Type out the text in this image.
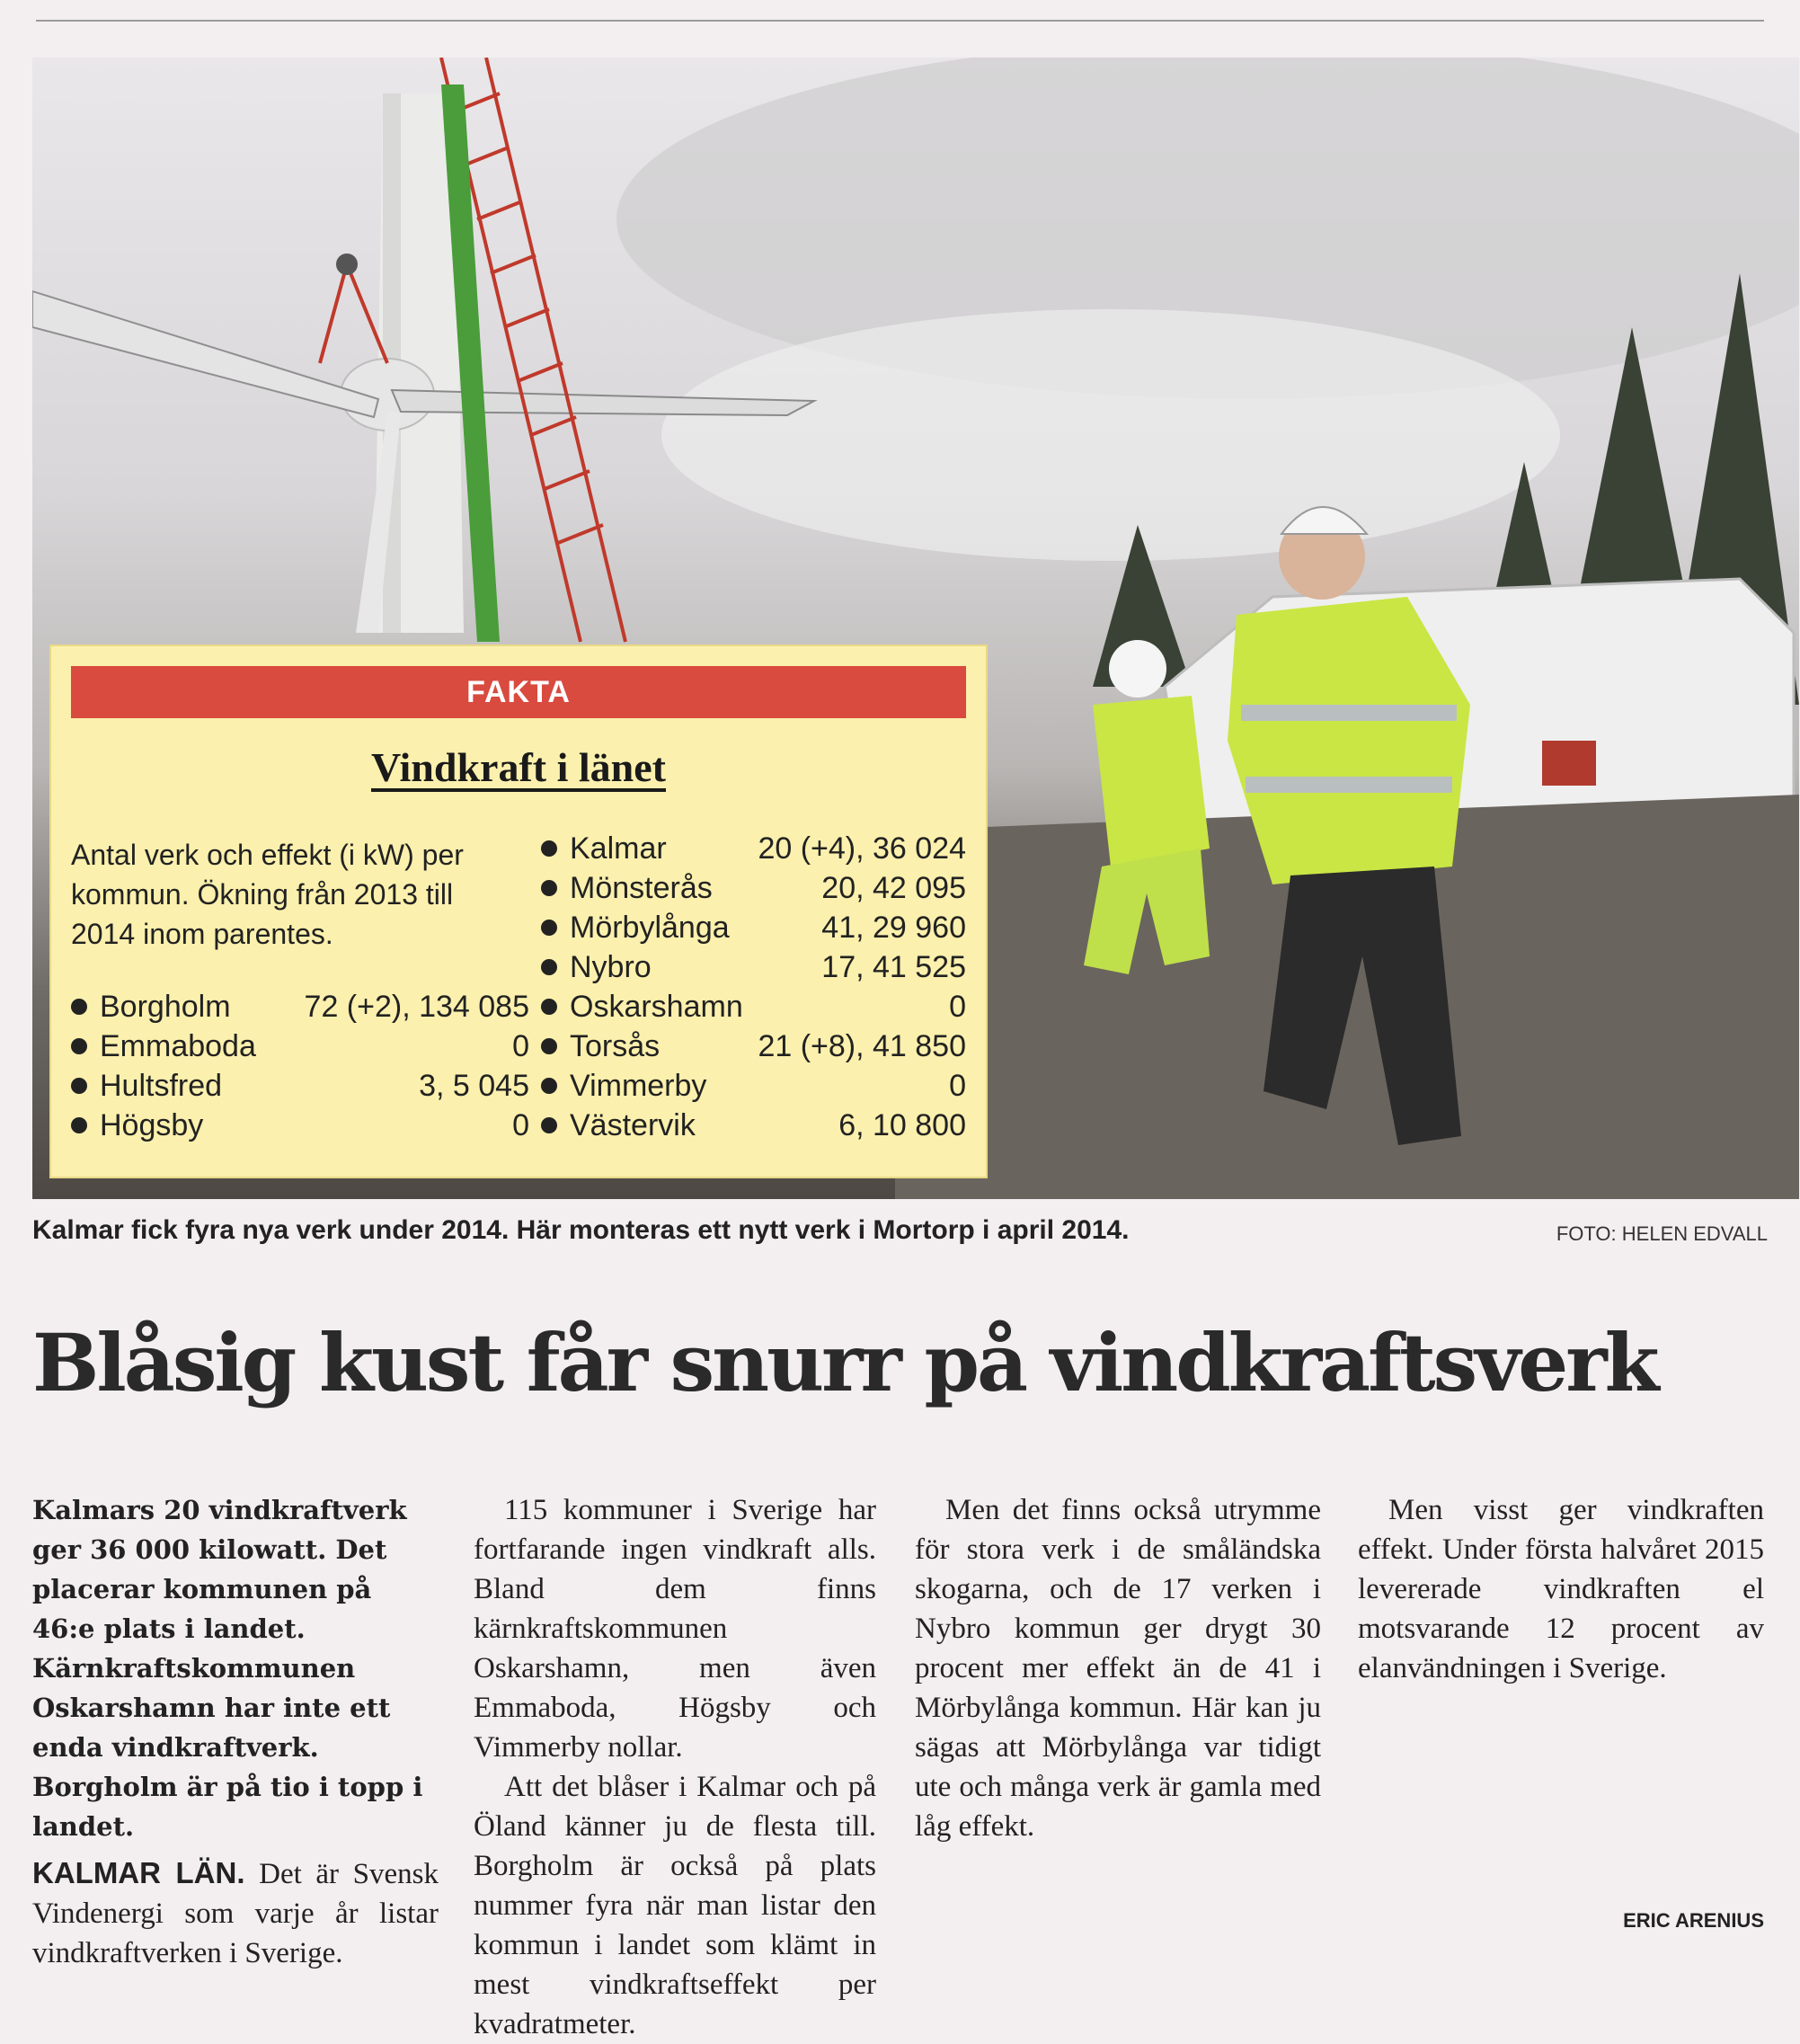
FAKTA
Vindkraft i länet
Antal verk och effekt (i kW) per kommun. Ökning från 2013 till 2014 inom parentes.
Borgholm 72 (+2), 134 085
Emmaboda	0
Hultsfred	3, 5 045
Högsby	0
Kalmar	20 (+4), 36 024
Mönsterås	20, 42 095
Mörbylånga	41, 29 960
Nybro	17, 41 525
Oskarshamn	0
Torsås	21 (+8), 41 850
Vimmerby	0
Västervik	6, 10 800
Kalmar fick fyra nya verk under 2014. Här monteras ett nytt verk i Mortorp i april 2014.	FOTO: HELEN EDVALL
Blåsig kust får snurr på vindkraftsverk

Kalmars 20 vindkraftverk ger 36 000 kilowatt. Det placerar kommunen på 46:e plats i landet. Kärnkraftskommunen Oskarshamn har inte ett enda vindkraftverk. Borgholm är på tio i topp i landet.

KALMAR LÄN. Det är Svensk Vindenergi som varje år listar vindkraftverken i Sverige.

115 kommuner i Sverige har fortfarande ingen vindkraft alls. Bland dem finns kärnkraftskommunen Oskarshamn, men även Emmaboda, Högsby och Vimmerby nollar.

Att det blåser i Kalmar och på Öland känner ju de flesta till. Borgholm är också på plats nummer fyra när man listar den kommun i landet som klämt in mest vindkraftseffekt per kvadratmeter.

Men det finns också utrymme för stora verk i de småländska skogarna, och de 17 verken i Nybro kommun ger drygt 30 procent mer effekt än de 41 i Mörbylånga kommun. Här kan ju sägas att Mörbylånga var tidigt ute och många verk är gamla med låg effekt.

Men visst ger vindkraften effekt. Under första halvåret 2015 levererade vindkraften el motsvarande 12 procent av elanvändningen i Sverige.

ERIC ARENIUS
